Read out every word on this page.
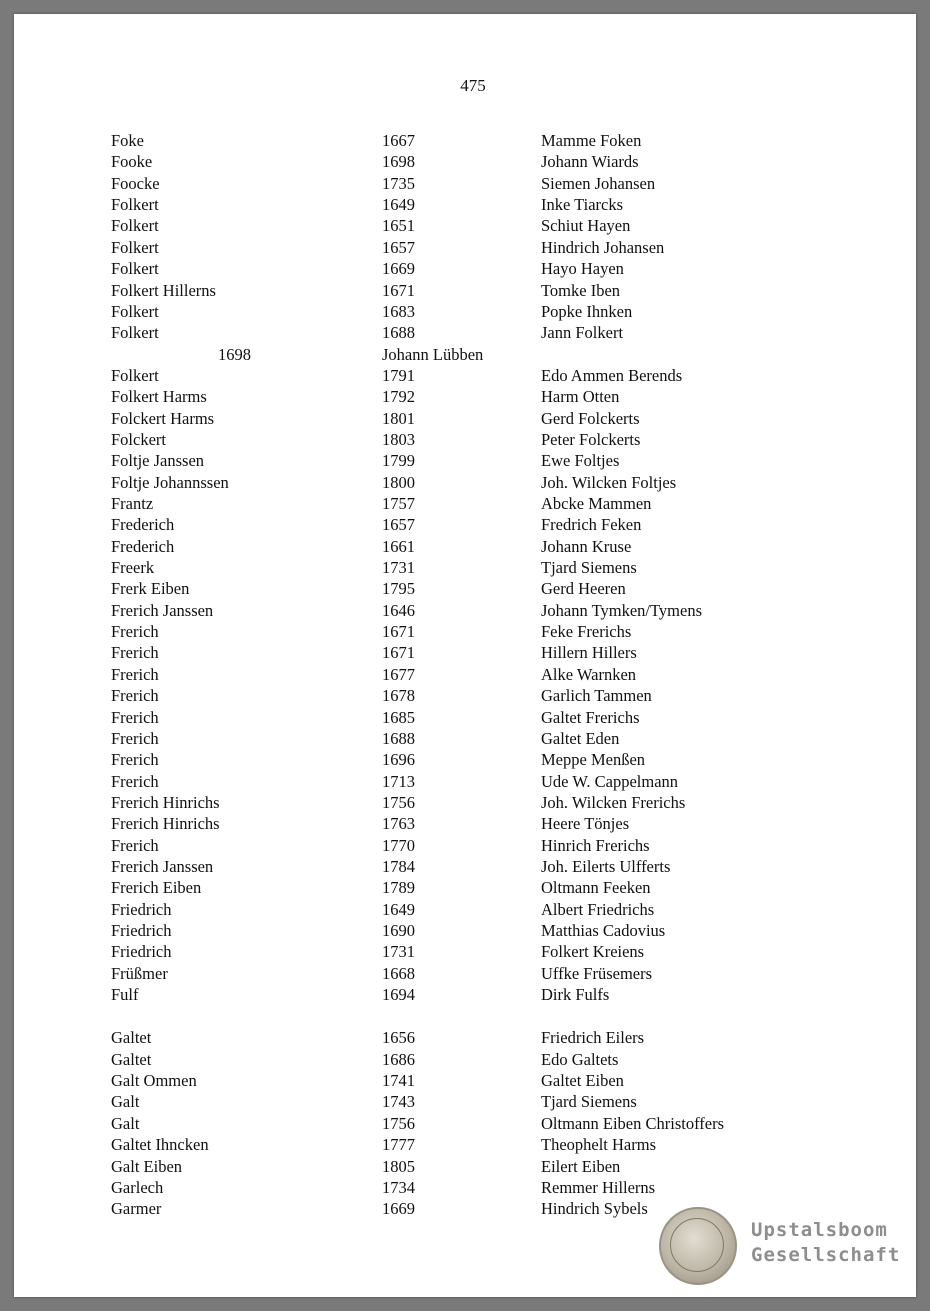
475
Foke	1667	Mamme Foken
Fooke	1698	Johann Wiards
Foocke	1735	Siemen Johansen
Folkert	1649	Inke Tiarcks
Folkert	1651	Schiut Hayen
Folkert	1657	Hindrich Johansen
Folkert	1669	Hayo Hayen
Folkert Hillerns	1671	Tomke Iben
Folkert	1683	Popke Ihnken
Folkert	1688	Jann Folkert
1698	Johann Lübben
Folkert	1791	Edo Ammen Berends
Folkert Harms	1792	Harm Otten
Folckert Harms	1801	Gerd Folckerts
Folckert	1803	Peter Folckerts
Foltje Janssen	1799	Ewe Foltjes
Foltje Johannssen	1800	Joh. Wilcken Foltjes
Frantz	1757	Abcke Mammen
Frederich	1657	Fredrich Feken
Frederich	1661	Johann Kruse
Freerk	1731	Tjard Siemens
Frerk Eiben	1795	Gerd Heeren
Frerich Janssen	1646	Johann Tymken/Tymens
Frerich	1671	Feke Frerichs
Frerich	1671	Hillern Hillers
Frerich	1677	Alke Warnken
Frerich	1678	Garlich Tammen
Frerich	1685	Galtet Frerichs
Frerich	1688	Galtet Eden
Frerich	1696	Meppe Menßen
Frerich	1713	Ude W. Cappelmann
Frerich Hinrichs	1756	Joh. Wilcken Frerichs
Frerich Hinrichs	1763	Heere Tönjes
Frerich	1770	Hinrich Frerichs
Frerich Janssen	1784	Joh. Eilerts Ulfferts
Frerich Eiben	1789	Oltmann Feeken
Friedrich	1649	Albert Friedrichs
Friedrich	1690	Matthias Cadovius
Friedrich	1731	Folkert Kreiens
Früßmer	1668	Uffke Früsemers
Fulf	1694	Dirk Fulfs
Galtet	1656	Friedrich Eilers
Galtet	1686	Edo Galtets
Galt Ommen	1741	Galtet Eiben
Galt	1743	Tjard Siemens
Galt	1756	Oltmann Eiben Christoffers
Galtet Ihncken	1777	Theophelt Harms
Galt Eiben	1805	Eilert Eiben
Garlech	1734	Remmer Hillerns
Garmer	1669	Hindrich Sybels
Upstalsboom
Gesellschaft
